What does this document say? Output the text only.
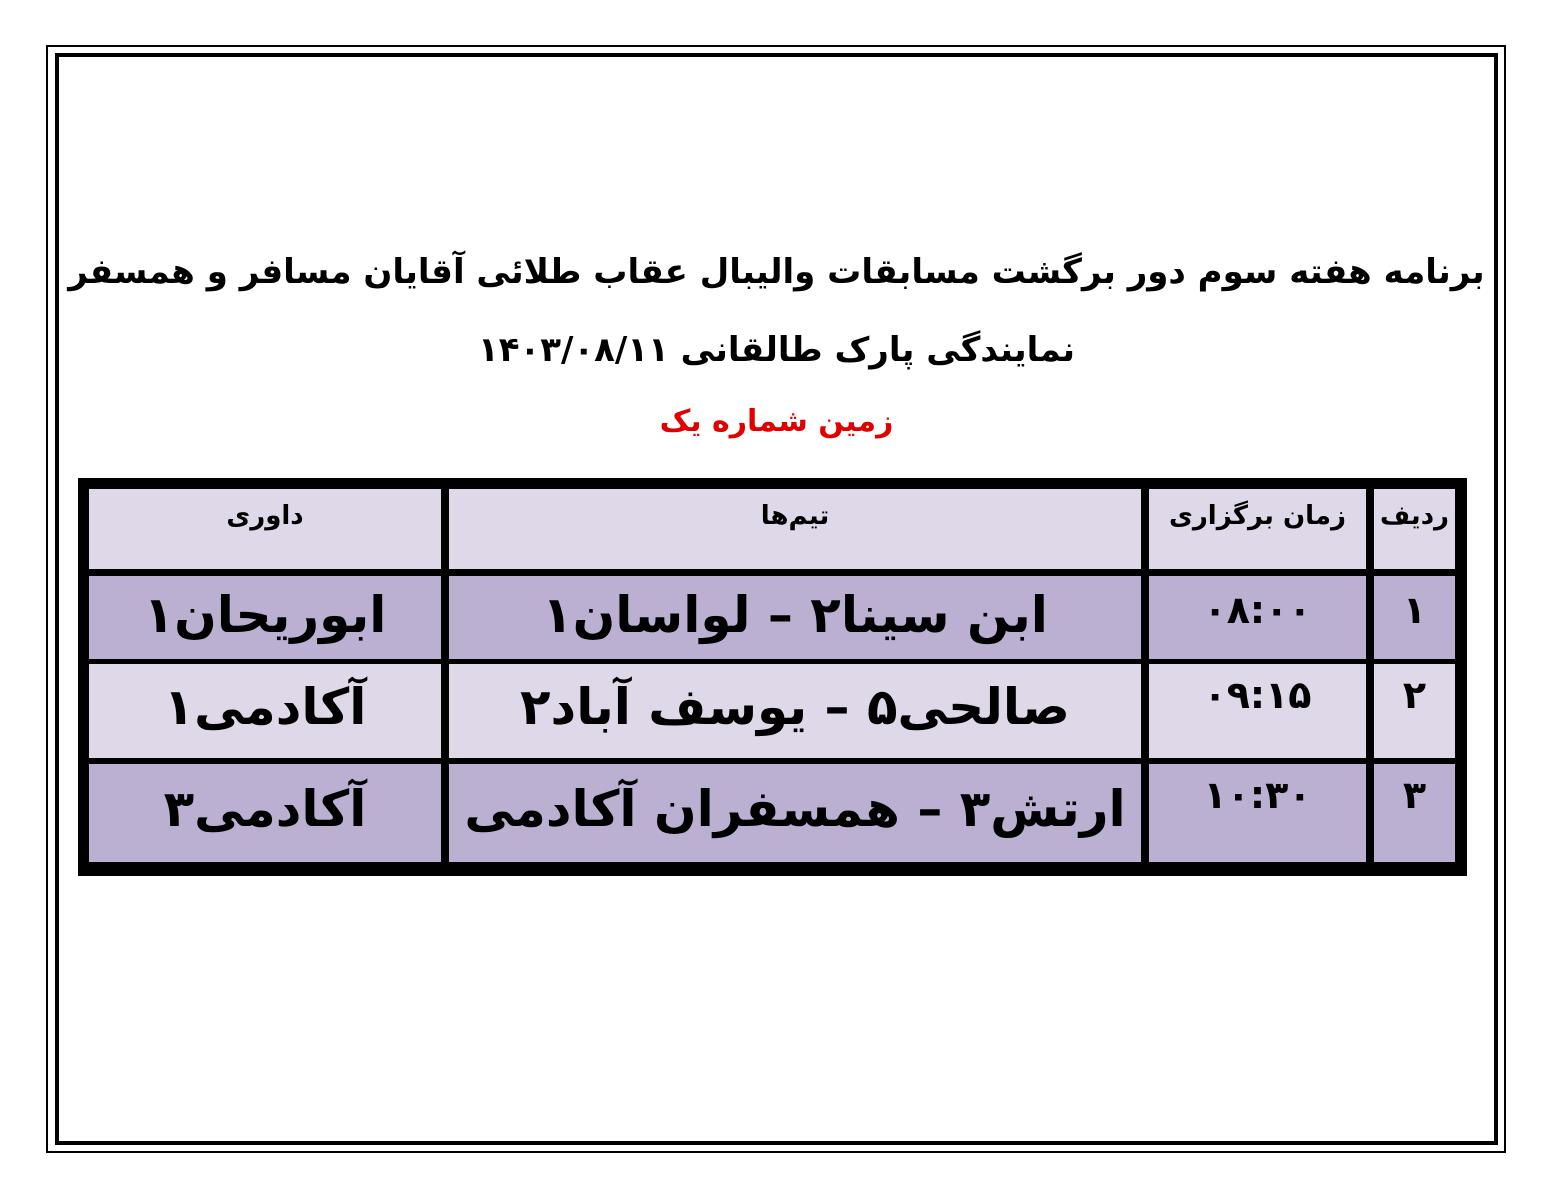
برنامه هفته سوم دور برگشت مسابقات والیبال عقاب طلائی آقایان مسافر و همسفر
نمایندگی پارک طالقانی ۱۴۰۳/۰۸/۱۱
زمین شماره یک
ردیف
زمان برگزاری
تیم‌ها
داوری
۱
۰۸:۰۰
ابن سینا۲ – لواسان۱
ابوریحان۱
۲
۰۹:۱۵
صالحی۵ – یوسف آباد۲
آکادمی۱
۳
۱۰:۳۰
ارتش۳ – همسفران آکادمی
آکادمی۳
